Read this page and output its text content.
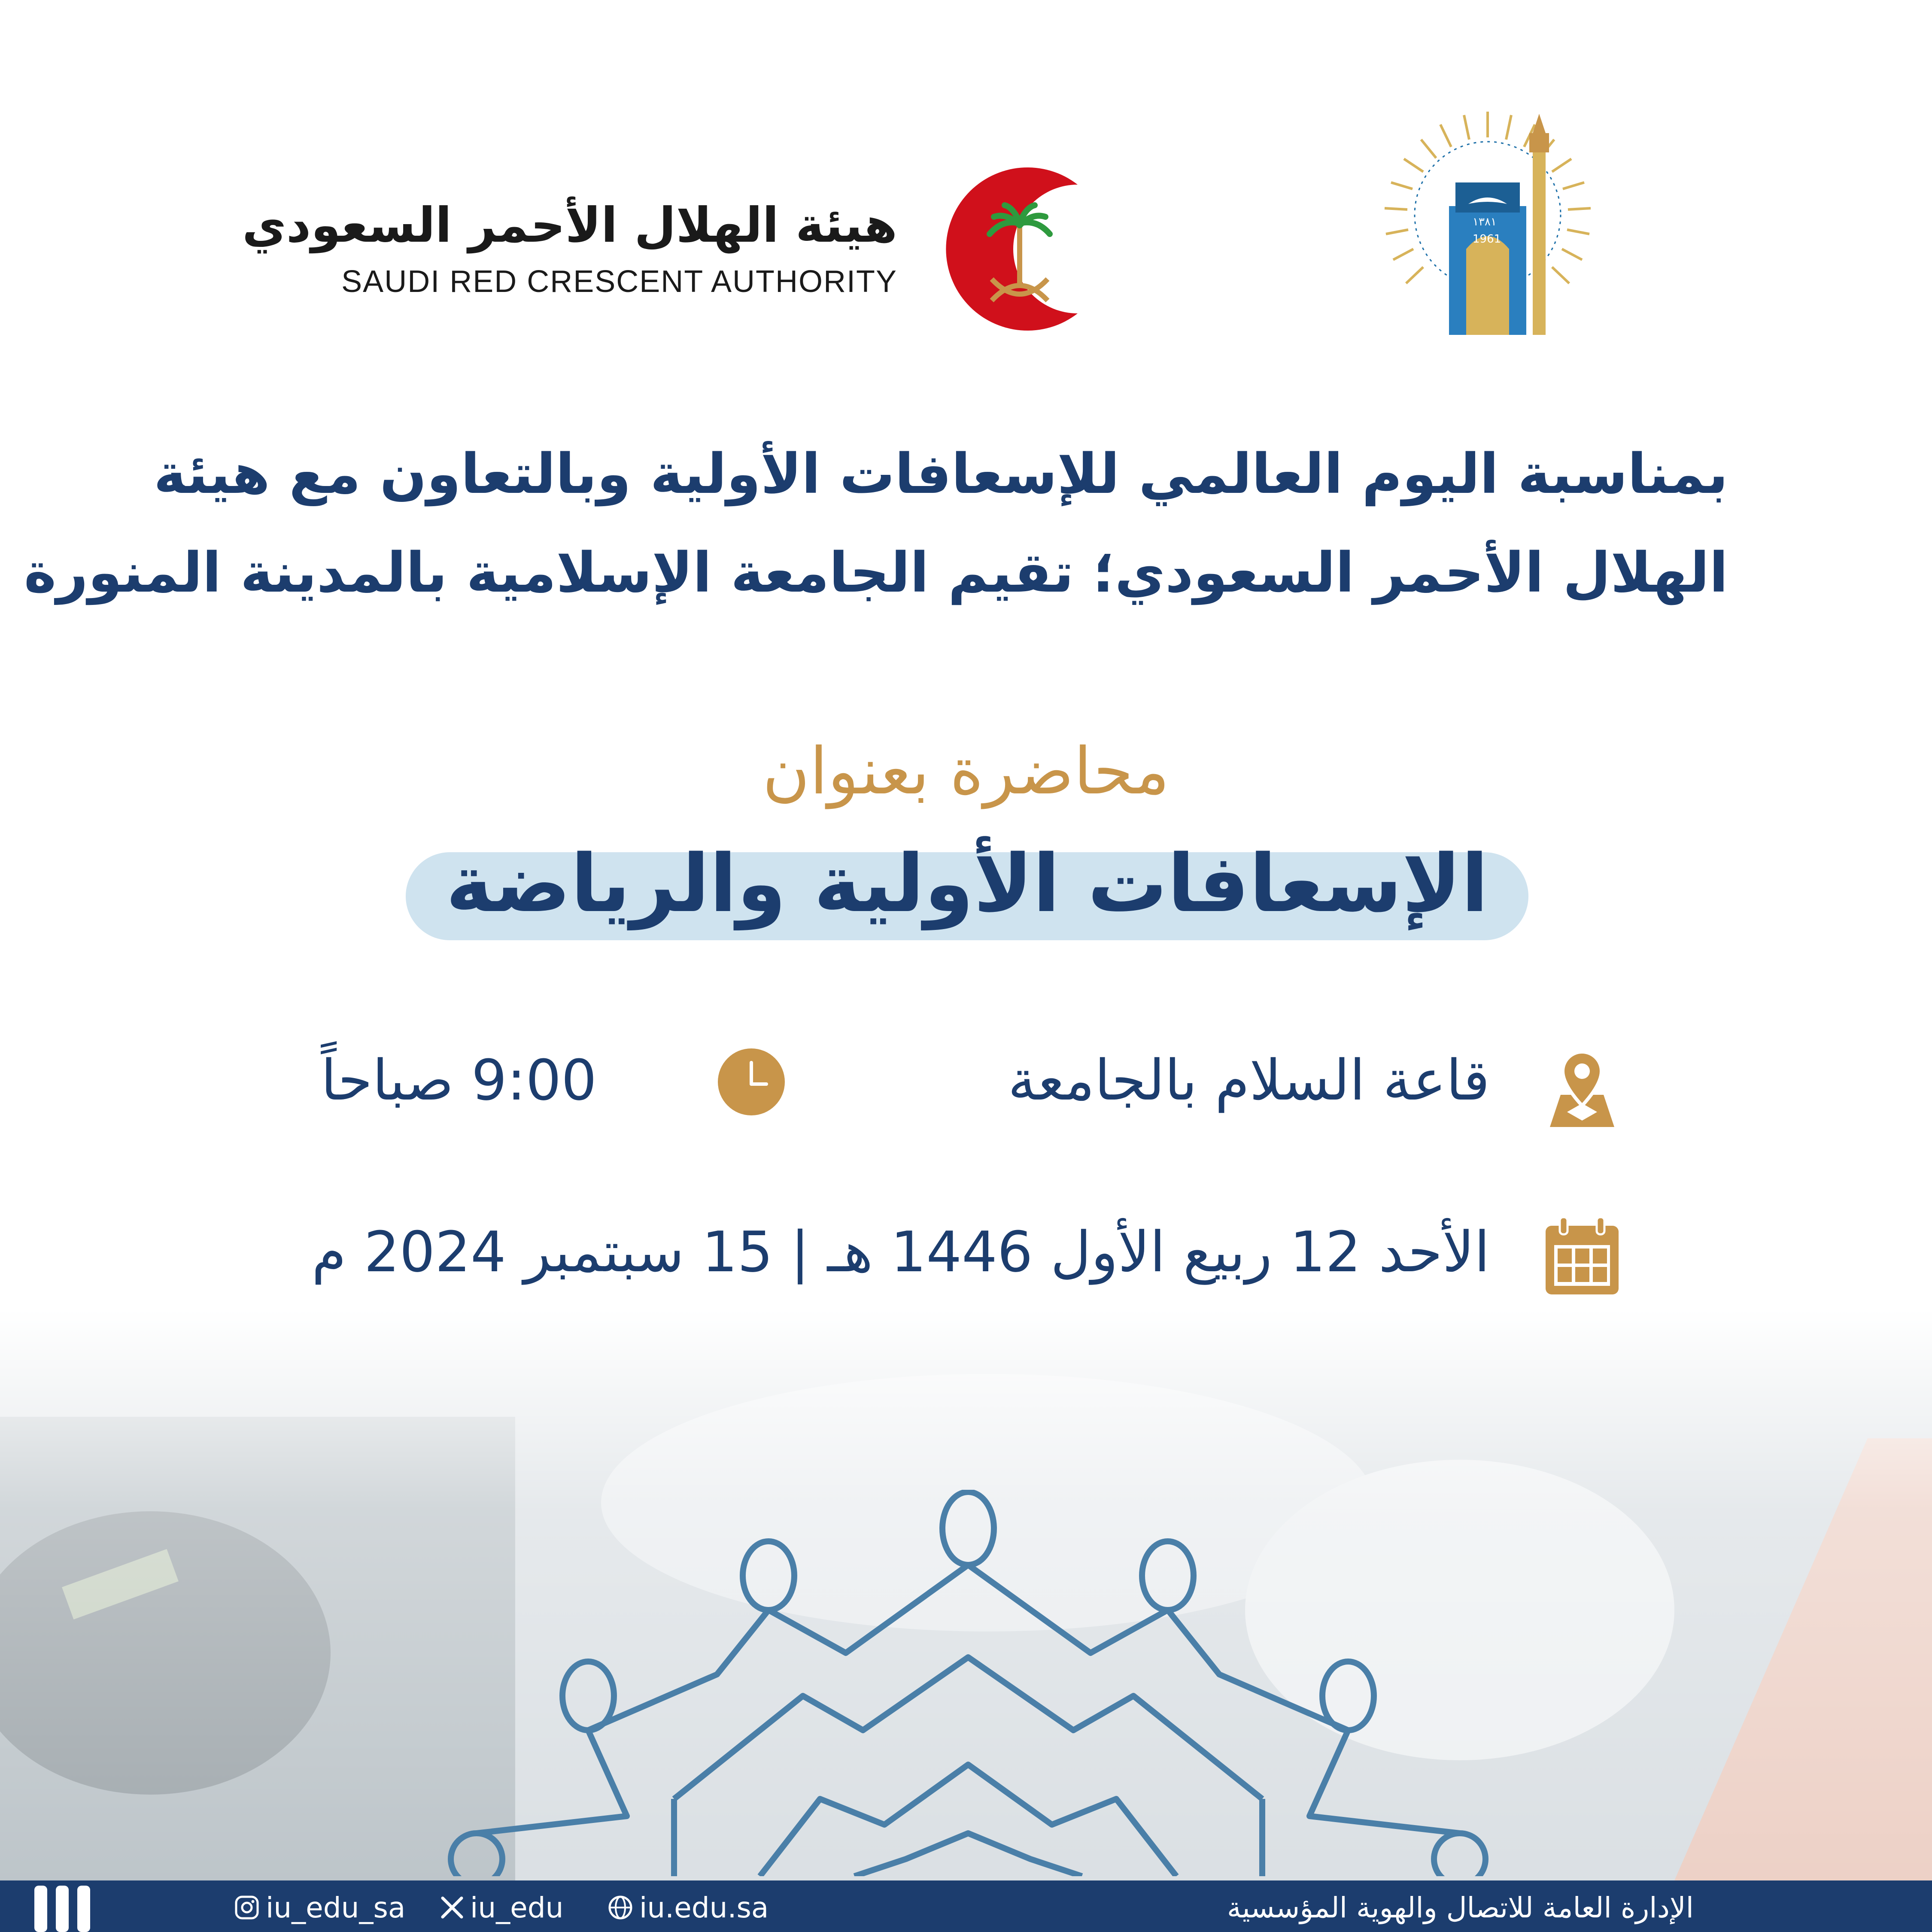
هيئة الهلال الأحمر السعودي
SAUDI RED CRESCENT AUTHORITY
١٣٨١
1961
بمناسبة اليوم العالمي للإسعافات الأولية وبالتعاون مع هيئة
الهلال الأحمر السعودي؛ تقيم الجامعة الإسلامية بالمدينة المنورة
محاضرة بعنوان
الإسعافات الأولية والرياضة
قاعة السلام بالجامعة
9:00 صباحاً
الأحد 12 ربيع الأول 1446 هـ | 15 سبتمبر 2024 م
iu_edu_sa iu_edu	iu.edu.sa	الإدارة العامة للاتصال والهوية المؤسسية
